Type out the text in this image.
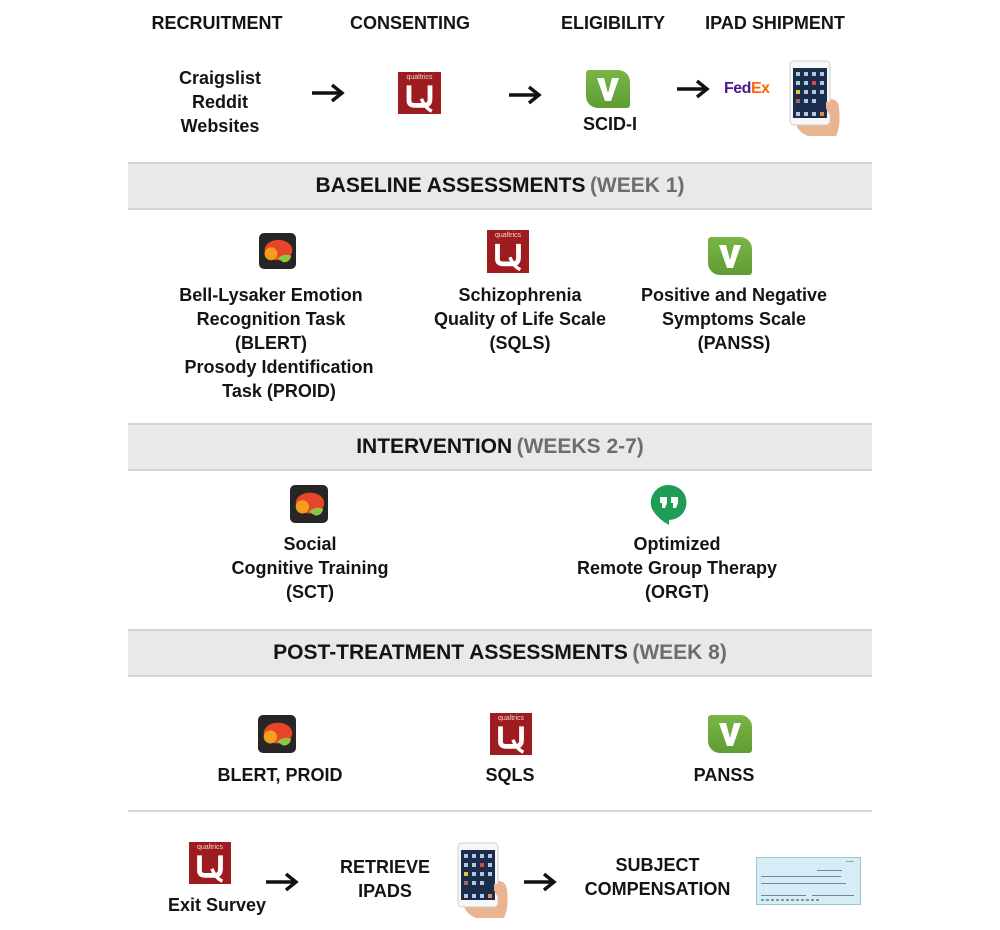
RECRUITMENT	CONSENTING	ELIGIBILITY	IPAD SHIPMENT
Craigslist
Reddit
Websites
qualtrics
SCID-I
FedEx
BASELINE ASSESSMENTS
(WEEK 1)
Bell-Lysaker Emotion
Recognition Task
(BLERT)
Prosody Identification
Task (PROID)
qualtrics
Schizophrenia
Quality of Life Scale
(SQLS)
Positive and Negative
Symptoms Scale
(PANSS)
INTERVENTION
(WEEKS 2-7)
Social
Cognitive Training
(SCT)
Optimized
Remote Group Therapy
(ORGT)
POST-TREATMENT ASSESSMENTS
(WEEK 8)
BLERT, PROID
qualtrics
SQLS	PANSS
qualtrics
Exit Survey
RETRIEVE
IPADS
SUBJECT
COMPENSATION
